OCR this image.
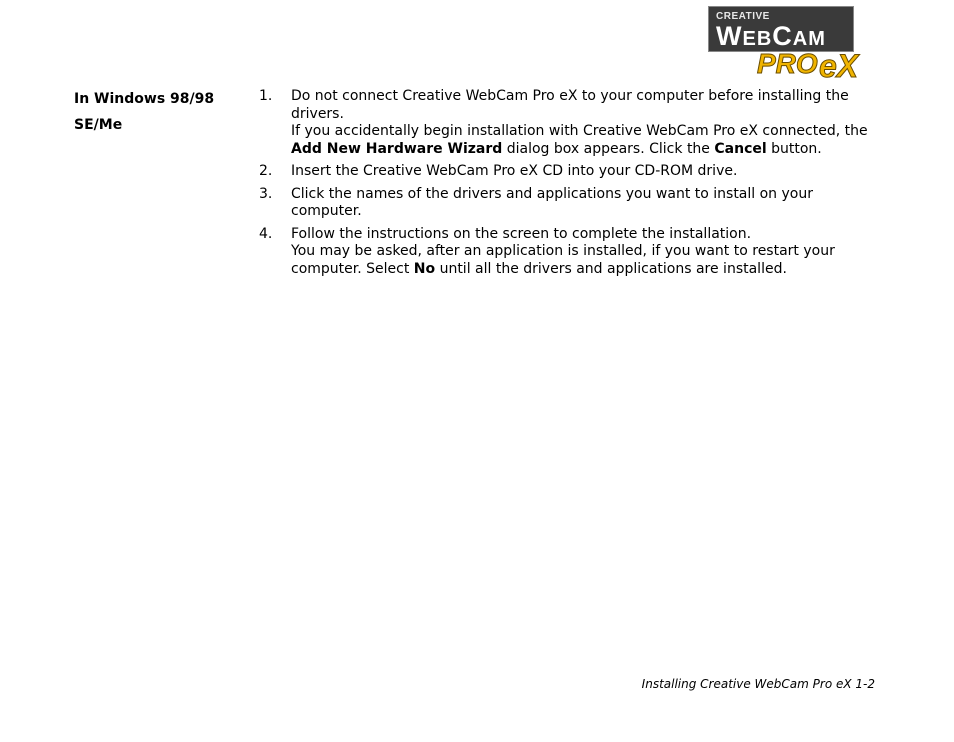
CREATIVE
WEBCAM
PRO eX
In Windows 98/98
SE/Me
1. Do not connect Creative WebCam Pro eX to your computer before installing the drivers.

If you accidentally begin installation with Creative WebCam Pro eX connected, the Add New Hardware Wizard dialog box appears. Click the Cancel button.

2. Insert the Creative WebCam Pro eX CD into your CD-ROM drive.

3. Click the names of the drivers and applications you want to install on your computer.

4. Follow the instructions on the screen to complete the installation.

You may be asked, after an application is installed, if you want to restart your computer. Select No until all the drivers and applications are installed.

Installing Creative WebCam Pro eX 1-2
